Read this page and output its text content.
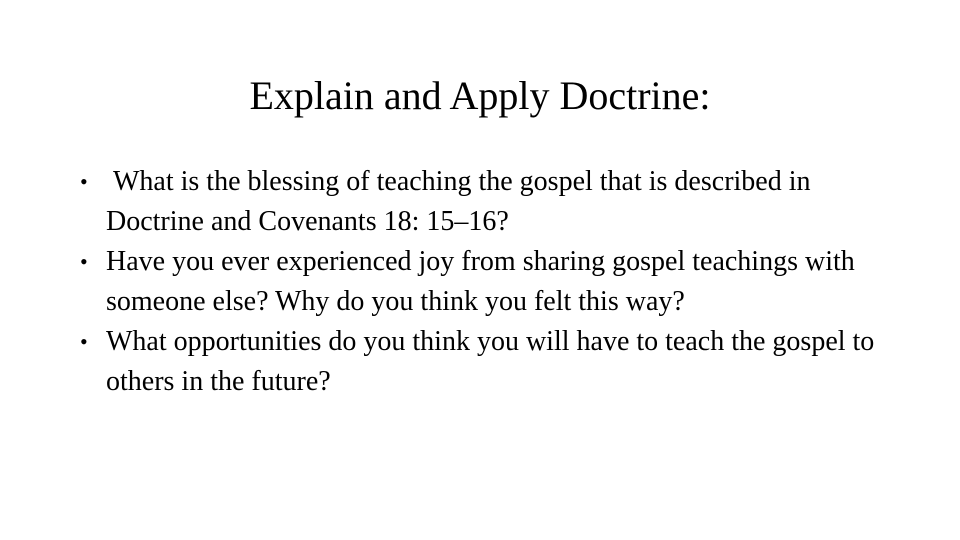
Explain and Apply Doctrine:
• What is the blessing of teaching the gospel that is described in Doctrine and Covenants 18: 15–16?
• Have you ever experienced joy from sharing gospel teachings with someone else? Why do you think you felt this way?
• What opportunities do you think you will have to teach the gospel to others in the future?
